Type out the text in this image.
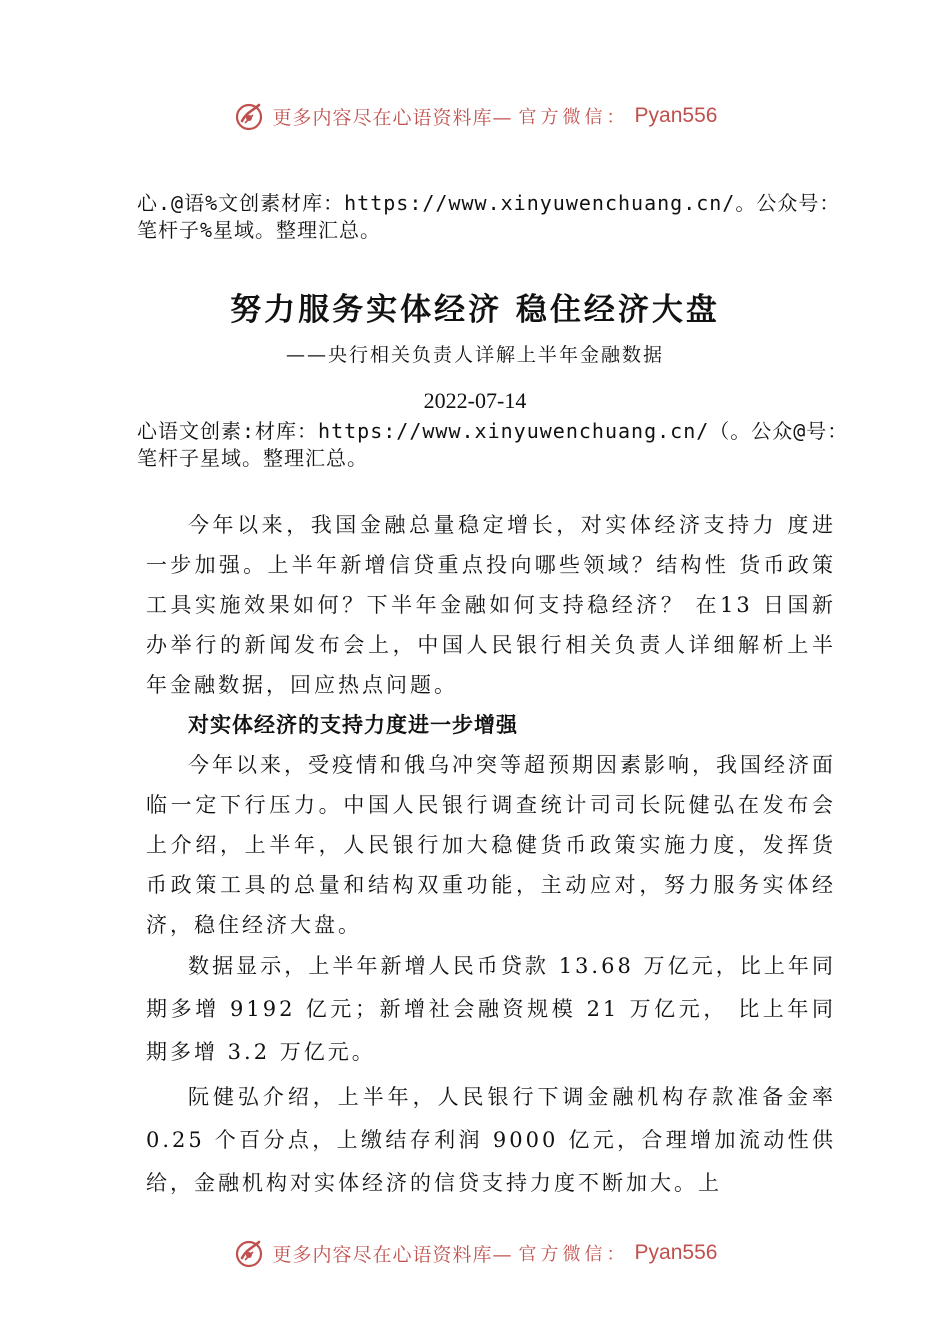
更多内容尽在心语资料库— 官方微信： Pyan556
心.@语%文创素材库：https://www.xinyuwenchuang.cn/。公众号：笔杆子%星域。整理汇总。
努力服务实体经济 稳住经济大盘
——央行相关负责人详解上半年金融数据
2022-07-14
心语文创素:材库：https://www.xinyuwenchuang.cn/（。公众@号：笔杆子星域。整理汇总。

今年以来，我国金融总量稳定增长，对实体经济支持力 度进一步加强。上半年新增信贷重点投向哪些领域？结构性 货币政策工具实施效果如何？下半年金融如何支持稳经济？ 在13 日国新办举行的新闻发布会上，中国人民银行相关负责人详细解析上半年金融数据，回应热点问题。

对实体经济的支持力度进一步增强

今年以来，受疫情和俄乌冲突等超预期因素影响，我国经济面临一定下行压力。中国人民银行调查统计司司长阮健弘在发布会上介绍，上半年，人民银行加大稳健货币政策实施力度，发挥货币政策工具的总量和结构双重功能，主动应对，努力服务实体经济，稳住经济大盘。

数据显示，上半年新增人民币贷款 13.68 万亿元，比上年同期多增 9192 亿元；新增社会融资规模 21 万亿元， 比上年同期多增 3.2 万亿元。

阮健弘介绍，上半年，人民银行下调金融机构存款准备金率 0.25 个百分点，上缴结存利润 9000 亿元，合理增加流动性供给，金融机构对实体经济的信贷支持力度不断加大。上

更多内容尽在心语资料库— 官方微信： Pyan556
